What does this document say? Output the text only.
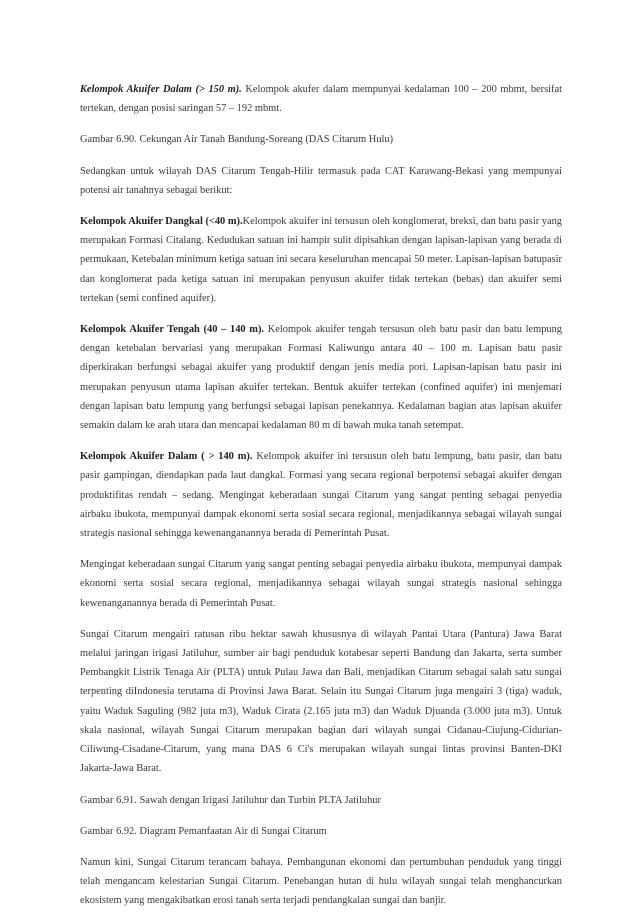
Kelompok Akuifer Dalam (> 150 m). Kelompok akufer dalam mempunyai kedalaman 100 – 200 mbmt, bersifat tertekan, dengan posisi saringan 57 – 192 mbmt.

Gambar 6.90. Cekungan Air Tanah Bandung-Soreang (DAS Citarum Hulu)

Sedangkan untuk wilayah DAS Citarum Tengah-Hilir termasuk pada CAT Karawang-Bekasi yang mempunyai potensi air tanahnya sebagai berikut:

Kelompok Akuifer Dangkal (<40 m).Kelompok akuifer ini tersusun oleh konglomerat, breksi, dan batu pasir yang merupakan Formasi Citalang. Kedudukan satuan ini hampir sulit dipisahkan dengan lapisan-lapisan yang berada di permukaan, Ketebalan minimum ketiga satuan ini secara keseluruhan mencapai 50 meter. Lapisan-lapisan batupasir dan konglomerat pada ketiga satuan ini merupakan penyusun akuifer tidak tertekan (bebas) dan akuifer semi tertekan (semi confined aquifer).

Kelompok Akuifer Tengah (40 – 140 m). Kelompok akuifer tengah tersusun oleh batu pasir dan batu lempung dengan ketebalan bervariasi yang merupakan Formasi Kaliwungu antara 40 – 100 m. Lapisan batu pasir diperkirakan berfungsi sebagai akuifer yang produktif dengan jenis media pori. Lapisan-lapisan batu pasir ini merupakan penyusun utama lapisan akuifer tertekan. Bentuk akuifer tertekan (confined aquifer) ini menjemari dengan lapisan batu lempung yang berfungsi sebagai lapisan penekannya. Kedalaman bagian atas lapisan akuifer semakin dalam ke arah utara dan mencapai kedalaman 80 m di bawah muka tanah setempat.

Kelompok Akuifer Dalam ( > 140 m). Kelompok akuifer ini tersusun oleh batu lempung, batu pasir, dan batu pasir gampingan, diendapkan pada laut dangkal. Formasi yang secara regional berpotensi sebagai akuifer dengan produktifitas rendah – sedang. Mengingat keberadaan sungai Citarum yang sangat penting sebagai penyedia airbaku ibukota, mempunyai dampak ekonomi serta sosial secara regional, menjadikannya sebagai wilayah sungai strategis nasional sehingga kewenanganannya berada di Pemerintah Pusat.

Mengingat keberadaan sungai Citarum yang sangat penting sebagai penyedia airbaku ibukota, mempunyai dampak ekonomi serta sosial secara regional, menjadikannya sebagai wilayah sungai strategis nasional sehingga kewenanganannya berada di Pemerintah Pusat.

Sungai Citarum mengairi ratusan ribu hektar sawah khususnya di wilayah Pantai Utara (Pantura) Jawa Barat melalui jaringan irigasi Jatiluhur, sumber air bagi penduduk kotabesar seperti Bandung dan Jakarta, serta sumber Pembangkit Listrik Tenaga Air (PLTA) untuk Pulau Jawa dan Bali, menjadikan Citarum sebagai salah satu sungai terpenting diIndonesia terutama di Provinsi Jawa Barat. Selain itu Sungai Citarum juga mengairi 3 (tiga) waduk, yaitu Waduk Saguling (982 juta m3), Waduk Cirata (2.165 juta m3) dan Waduk Djuanda (3.000 juta m3). Untuk skala nasional, wilayah Sungai Citarum merupakan bagian dari wilayah sungai Cidanau-Ciujung-Cidurian-Ciliwung-Cisadane-Citarum, yang mana DAS 6 Ci's merupakan wilayah sungai lintas provinsi Banten-DKI Jakarta-Jawa Barat.

Gambar 6.91. Sawah dengan Irigasi Jatiluhur dan Turbin PLTA Jatiluhur

Gambar 6.92. Diagram Pemanfaatan Air di Sungai Citarum

Namun kini, Sungai Citarum terancam bahaya. Pembangunan ekonomi dan pertumbuhan penduduk yang tinggi telah mengancam kelestarian Sungai Citarum. Penebangan hutan di hulu wilayah sungai telah menghancurkan ekosistem yang mengakibatkan erosi tanah serta terjadi pendangkalan sungai dan banjir.
